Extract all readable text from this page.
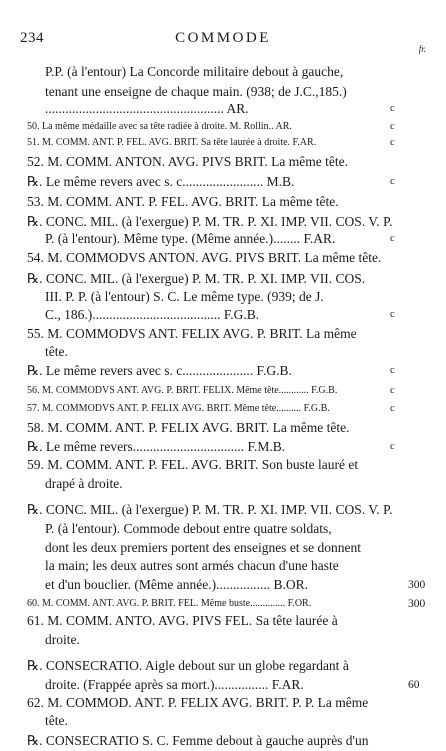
234	COMMODE
fr.
P.P. (à l'entour) La Concorde militaire debout à gauche,
tenant une enseigne de chaque main. (938; de J.C.,185.)
..................................................... AR.	c
50. La même médaille avec sa tête radiée à droite. M. Rollin.. AR.	c
51. M. COMM. ANT. P. FEL. AVG. BRIT. Sa tête laurée à droite. F.AR.	c
52. M. COMM. ANTON. AVG. PIVS BRIT. La même tête.
℞. Le même revers avec s. c........................ M.B.	c
53. M. COMM. ANT. P. FEL. AVG. BRIT. La même tête.
℞. CONC. MIL. (à l'exergue) P. M. TR. P. XI. IMP. VII. COS. V. P.
P. (à l'entour). Même type. (Même année.)........ F.AR.	c
54. M. COMMODVS ANTON. AVG. PIVS BRIT. La même tête.
℞. CONC. MIL. (à l'exergue) P. M. TR. P. XI. IMP. VII. COS.
III. P. P. (à l'entour) S. C. Le même type. (939; de J.
C., 186.)...................................... F.G.B.	c
55. M. COMMODVS ANT. FELIX AVG. P. BRIT. La même
tête.
℞. Le même revers avec s. c..................... F.G.B.	c
56. M. COMMODVS ANT. AVG. P. BRIT. FELIX. Même tête............ F.G.B.	c
57. M. COMMODVS ANT. P. FELIX AVG. BRIT. Même tête.......... F.G.B.	c
58. M. COMM. ANT. P. FELIX AVG. BRIT. La même tête.
℞. Le même revers................................. F.M.B.	c
59. M. COMM. ANT. P. FEL. AVG. BRIT. Son buste lauré et
drapé à droite.
℞. CONC. MIL. (à l'exergue) P. M. TR. P. XI. IMP. VII. COS. V. P.
P. (à l'entour). Commode debout entre quatre soldats,
dont les deux premiers portent des enseignes et se donnent
la main; les deux autres sont armés chacun d'une haste
et d'un bouclier. (Même année.)................ B.OR.	300
60. M. COMM. ANT. AVG. P. BRIT. FEL. Même buste.............. F.OR.	300
61. M. COMM. ANTO. AVG. PIVS FEL. Sa tête laurée à
droite.
℞. CONSECRATIO. Aigle debout sur un globe regardant à
droite. (Frappée après sa mort.)................ F.AR.	60
62. M. COMMOD. ANT. P. FELIX AVG. BRIT. P. P. La même
tête.
℞. CONSECRATIO S. C. Femme debout à gauche auprès d'un
